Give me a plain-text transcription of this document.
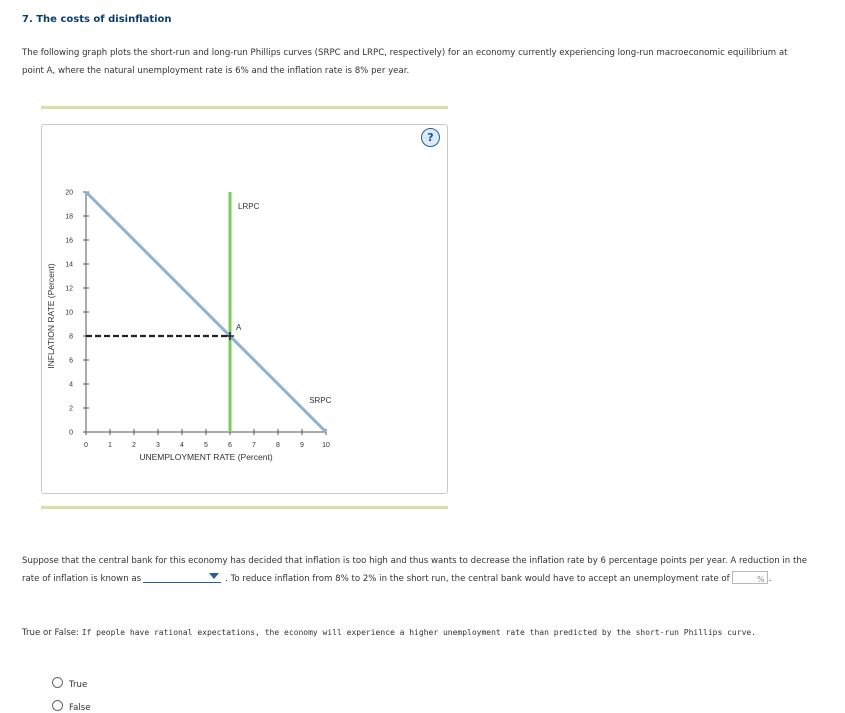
7. The costs of disinflation
The following graph plots the short-run and long-run Phillips curves (SRPC and LRPC, respectively) for an economy currently experiencing long-run macroeconomic equilibrium at point A, where the natural unemployment rate is 6% and the inflation rate is 8% per year.
?
0
2
4
6
8
10
12
14
16
18
20
0	1	2	3	4	5	6	7	8	9	10
A
LRPC
SRPC
UNEMPLOYMENT RATE (Percent)
INFLATION RATE (Percent)
Suppose that the central bank for this economy has decided that inflation is too high and thus wants to decrease the inflation rate by 6 percentage points per year. A reduction in the rate of inflation is known as	. To reduce inflation from 8% to 2% in the short run, the central bank would have to accept an unemployment rate of	% .
True or False: If people have rational expectations, the economy will experience a higher unemployment rate than predicted by the short-run Phillips curve.
True
False
